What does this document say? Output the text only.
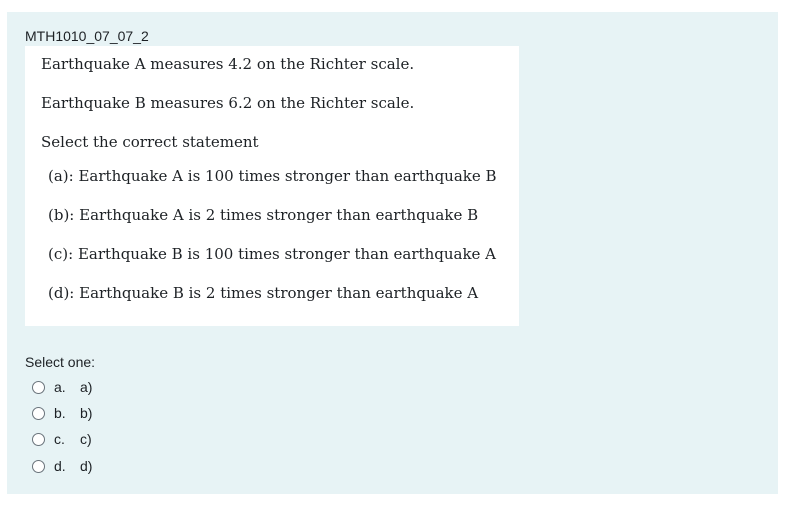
MTH1010_07_07_2
Earthquake A measures 4.2 on the Richter scale.
Earthquake B measures 6.2 on the Richter scale.
Select the correct statement
(a): Earthquake A is 100 times stronger than earthquake B
(b): Earthquake A is 2 times stronger than earthquake B
(c): Earthquake B is 100 times stronger than earthquake A
(d): Earthquake B is 2 times stronger than earthquake A
Select one:
a.	a)
b.	b)
c.	c)
d.	d)
